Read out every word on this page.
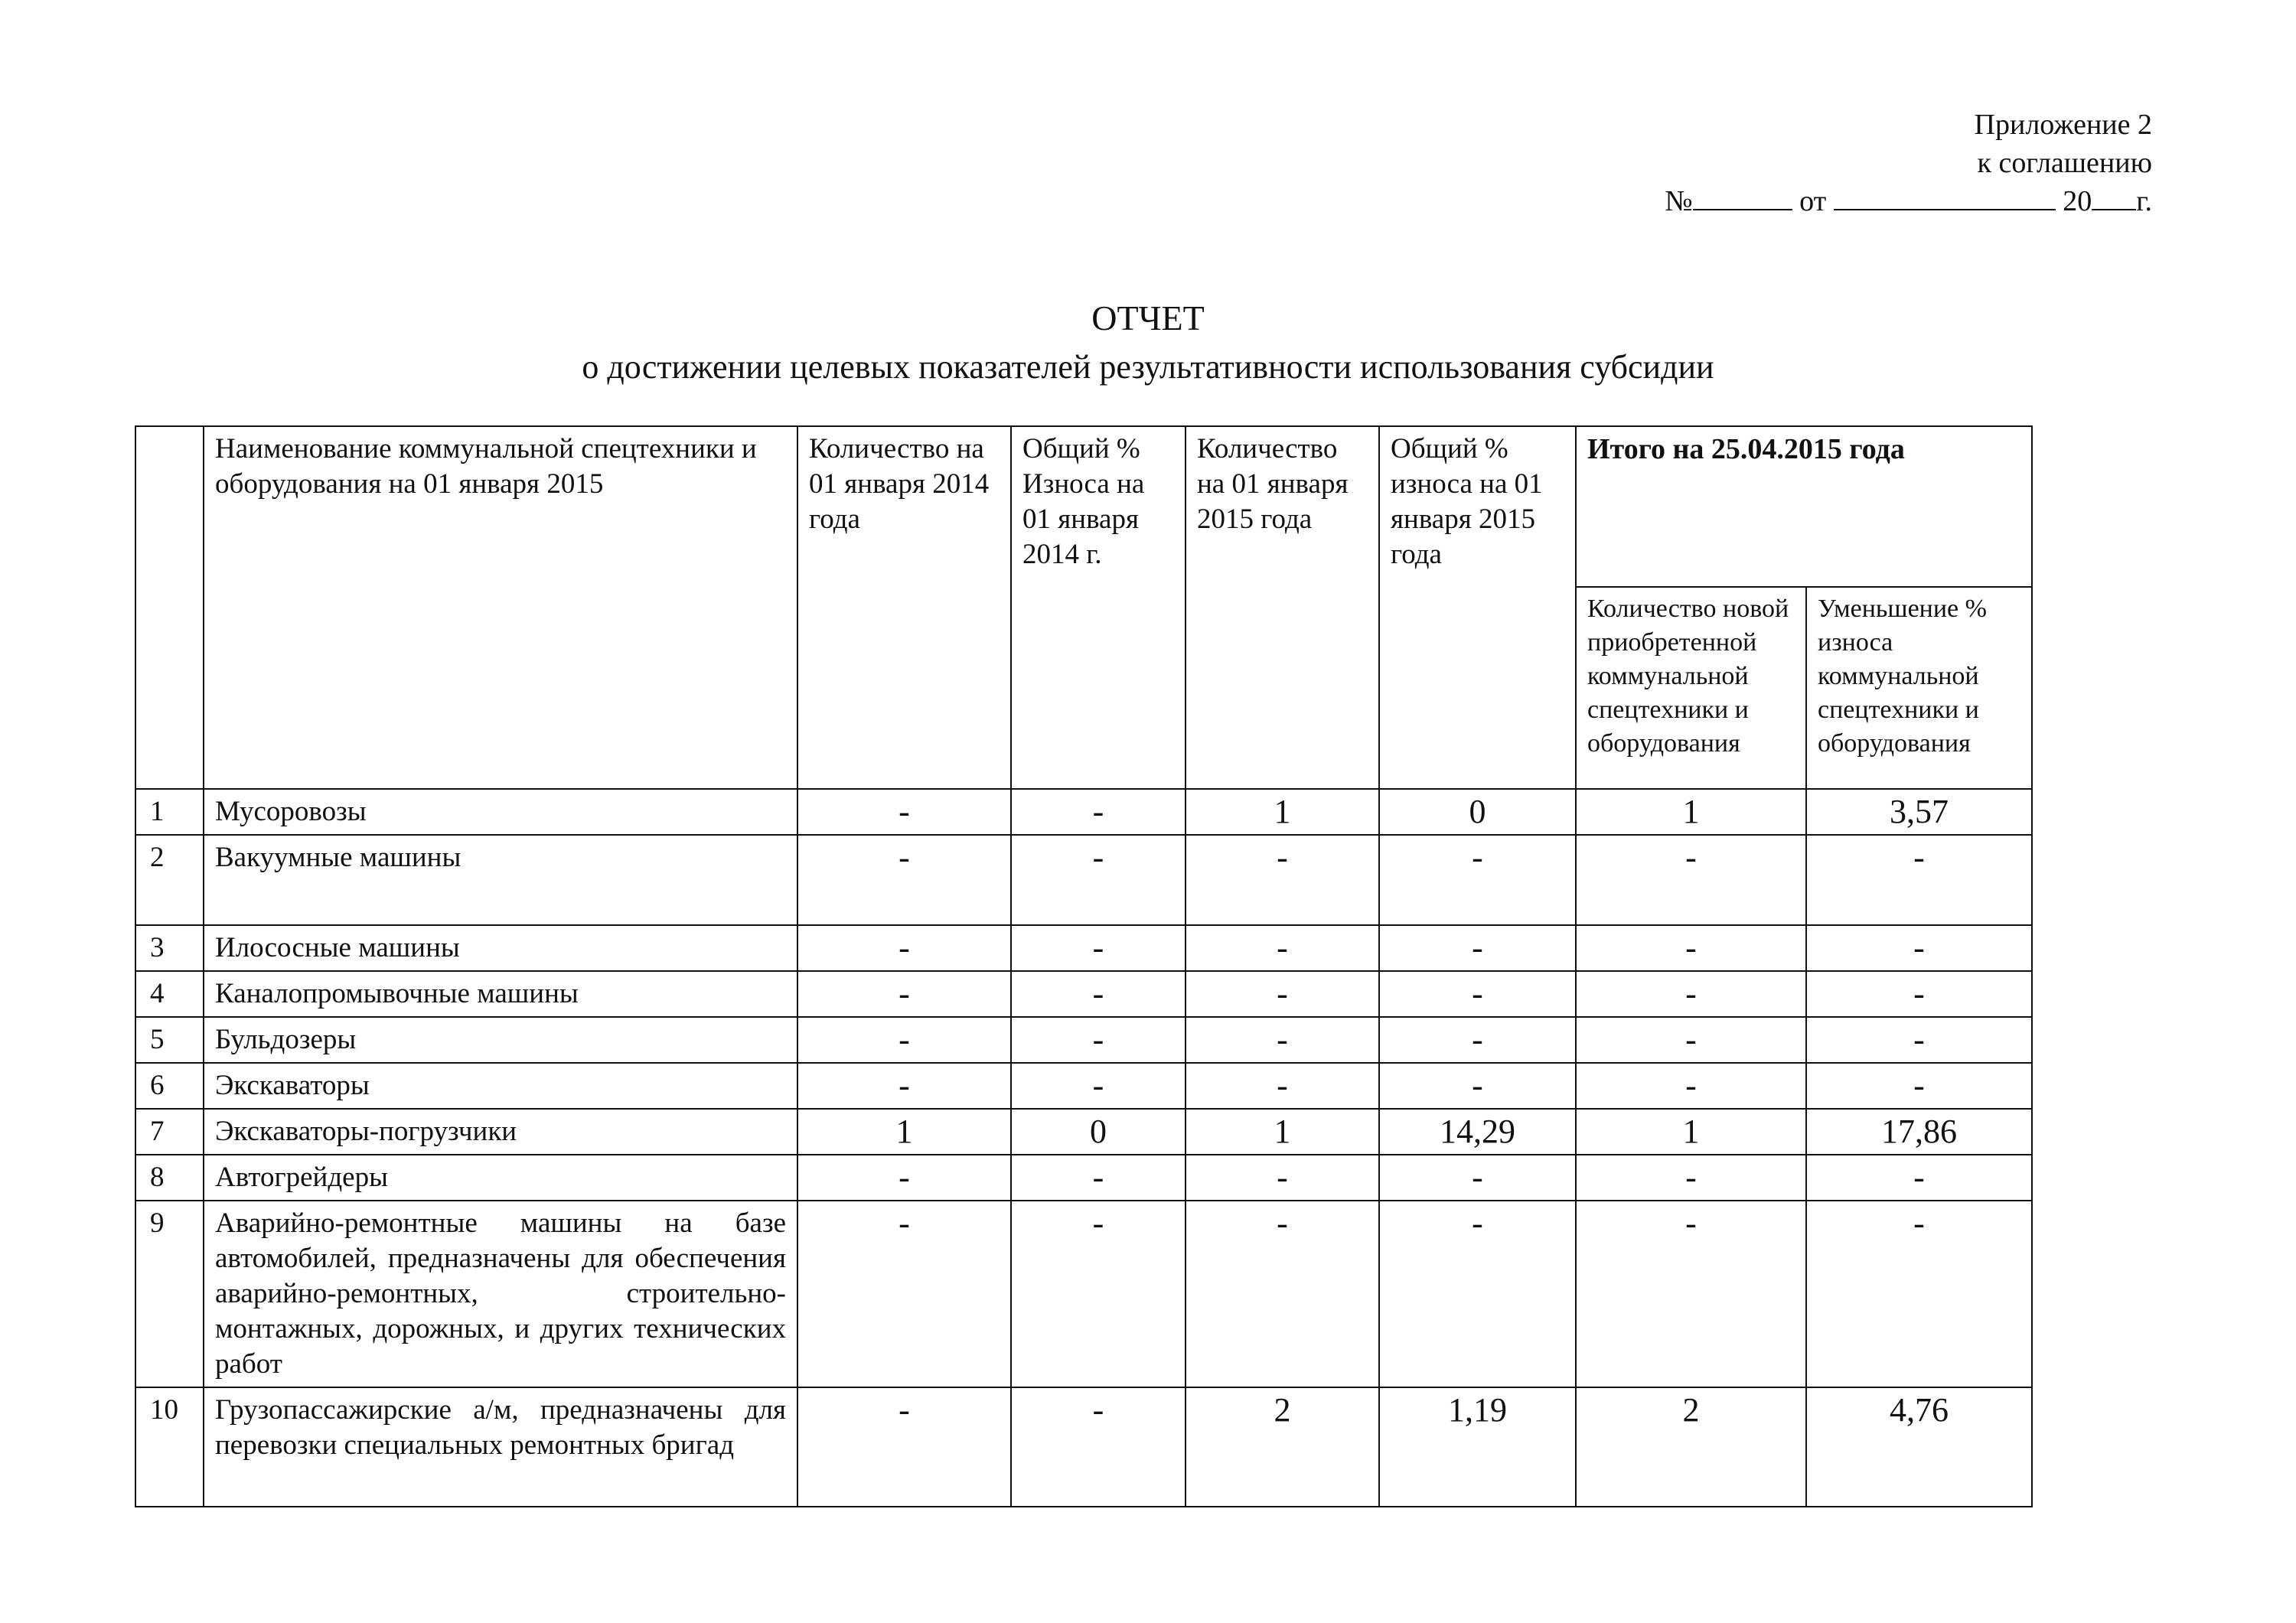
Приложение 2
к соглашению
№	от	20 г.
ОТЧЕТ
о достижении целевых показателей результативности использования субсидии
	Наименование коммунальной спецтехники и оборудования на 01 января 2015	Количество на 01 января 2014 года	Общий % Износа на 01 января 2014 г.	Количество на 01 января 2015 года	Общий % износа на 01 января 2015 года	Итого на 25.04.2015 года	
						Количество новой приобретенной коммунальной спецтехники и оборудования	Уменьшение % износа коммунальной спецтехники и оборудования
1	Мусоровозы	-	-	1	0	1	3,57
2	Вакуумные машины	-	-	-	-	-	-
3	Илососные машины	-	-	-	-	-	-
4	Каналопромывочные машины	-	-	-	-	-	-
5	Бульдозеры	-	-	-	-	-	-
6	Экскаваторы	-	-	-	-	-	-
7	Экскаваторы-погрузчики	1	0	1	14,29	1	17,86
8	Автогрейдеры	-	-	-	-	-	-
9	Аварийно-ремонтные машины на базе автомобилей, предназначены для обеспечения аварийно-ремонтных, строительно-монтажных, дорожных, и других технических работ	-	-	-	-	-	-
10	Грузопассажирские а/м, предназначены для перевозки специальных ремонтных бригад	-	-	2	1,19	2	4,76
